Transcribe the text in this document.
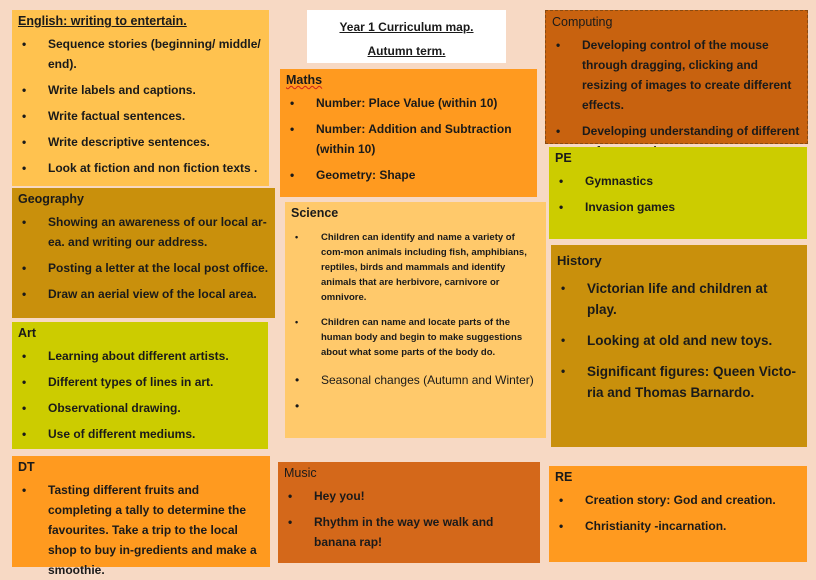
English: writing to entertain.
• Sequence stories (beginning/ middle/ end).
• Write labels and captions.
• Write factual sentences.
• Write descriptive sentences.
• Look at fiction and non fiction texts .
Year 1 Curriculum map.
Autumn term.
Computing
• Developing control of the mouse through dragging, clicking and resizing of images to create different effects.
• Developing understanding of different
Maths
• Number: Place Value (within 10)
• Number: Addition and Subtraction (within 10)
• Geometry: Shape
PE
• Gymnastics
• Invasion games
Geography
• Showing an awareness of our local ar-ea. and writing our address.
• Posting a letter at the local post office.
• Draw an aerial view of the local area.
Science
• Children can identify and name a variety of com-mon animals including fish, amphibians, reptiles, birds and mammals and identify animals that are herbivore, carnivore or omnivore.
• Children can name and locate parts of the human body and begin to make suggestions about what some parts of the body do.
• Seasonal changes (Autumn and Winter)
History
• Victorian life and children at play.
• Looking at old and new toys.
• Significant figures: Queen Victo-ria and Thomas Barnardo.
Art
• Learning about different artists.
• Different types of lines in art.
• Observational drawing.
• Use of different mediums.
DT
• Tasting different fruits and completing a tally to determine the favourites. Take a trip to the local shop to buy in-gredients and make a smoothie.
Music
• Hey you!
• Rhythm in the way we walk and banana rap!
RE
• Creation story: God and creation.
• Christianity -incarnation.
